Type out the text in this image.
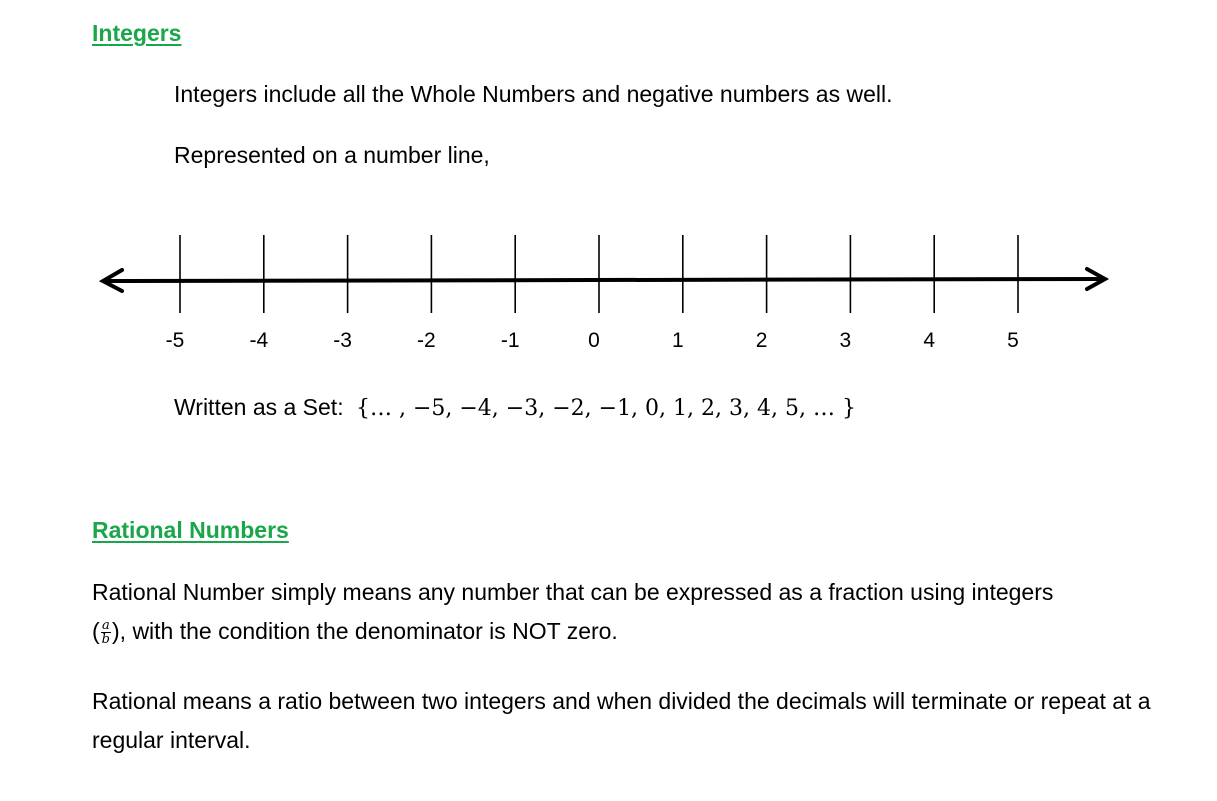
Integers
Integers include all the Whole Numbers and negative numbers as well.
Represented on a number line,
-5	-4	-3	-2	-1	0	1	2	3	4	5
Written as a Set: {… , −5, −4, −3, −2, −1, 0, 1, 2, 3, 4, 5, … }
Rational Numbers
Rational Number simply means any number that can be expressed as a fraction using integers
( $\frac{a}{b}$ ), with the condition the denominator is NOT zero.
Rational means a ratio between two integers and when divided the decimals will terminate or repeat at a regular interval.
